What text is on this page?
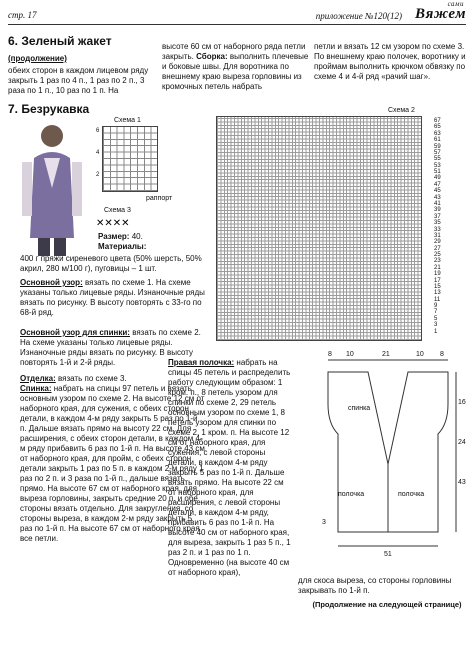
стр. 17	приложение №120(12)
сами
Вяжем
6. Зеленый жакет
(продолжение)
обеих сторон в каждом лицевом ряду закрыть 1 раз по 4 п., 1 раз по 2 п., 3 раза по 1 п., 10 раз по 1 п. На
высоте 60 см от наборного ряда петли закрыть. Сборка: выполнить плечевые и боковые швы. Для воротника по внешнему краю выреза горловины из кромочных петель набрать
петли и вязать 12 см узором по схеме 3. По внешнему краю полочек, воротнику и проймам выполнить крючком обвязку по схеме 4 и 4-й ряд «рачий шаг».
7. Безрукавка
Схема 1
6
4
2
раппорт
Схема 3
✕✕✕✕
Схема 2
67
65
63
61
59
57
55
53
51
49
47
45
43
41
39
37
35
33
31
29
27
25
23
21
19
17
15
13
11
9
7
5
3
1
Размер: 40.
Материалы:
400 г пряжи сиреневого цвета (50% шерсть, 50% акрил, 280 м/100 г), пуговицы – 1 шт.
Основной узор: вязать по схеме 1. На схеме указаны только лицевые ряды. Изнаночные ряды вязать по рисунку. В высоту повторять с 33-го по 68-й ряд.
Основной узор для спинки: вязать по схеме 2. На схеме указаны только лицевые ряды. Изнаночные ряды вязать по рисунку. В высоту повторять 1-й и 2-й ряды.
Отделка: вязать по схеме 3.
Спинка: набрать на спицы 97 петель и вязать основным узором по схеме 2. На высоте 12 см от наборного края, для сужения, с обеих сторон детали, в каждом 4-м ряду закрыть 5 раз по 1-й п. Дальше вязать прямо на высоту 22 см. Для расширения, с обеих сторон детали, в каждом 4-м ряду прибавить 6 раз по 1-й п. На высоте 43 см от наборного края, для пройм, с обеих сторон детали закрыть 1 раз по 5 п. в каждом 2-м ряду 1 раз по 2 п. и 3 раза по 1-й п., дальше вязать прямо. На высоте 67 см от наборного края, для выреза горловины, закрыть средние 20 п. и обе стороны вязать отдельно. Для закругления, со стороны выреза, в каждом 2-м ряду закрыть 5 раз по 1-й п. На высоте 67 см от наборного края все петли.
Правая полочка: набрать на спицы 45 петель и распределить работу следующим образом: 1 кром. п., 8 петель узором для спинки по схеме 2, 29 петель основным узором по схеме 1, 8 петель узором для спинки по схеме 2, 1 кром. п. На высоте 12 см от наборного края, для сужения, с левой стороны детали, в каждом 4-м ряду закрыть 5 раз по 1-й п. Дальше вязать прямо. На высоте 22 см от наборного края, для расширения, с левой стороны детали, в каждом 4-м ряду, прибавить 6 раз по 1-й п. На высоте 40 см от наборного края, для выреза, закрыть 1 раз 5 п., 1 раз 2 п. и 1 раз по 1 п. Одновременно (на высоте 40 см от наборного края),
спинка
полочка	полочка
8 10	21	10 8
16
24
43
51
3
для скоса выреза, со стороны горловины закрывать по 1-й п.
(Продолжение на следующей странице)
